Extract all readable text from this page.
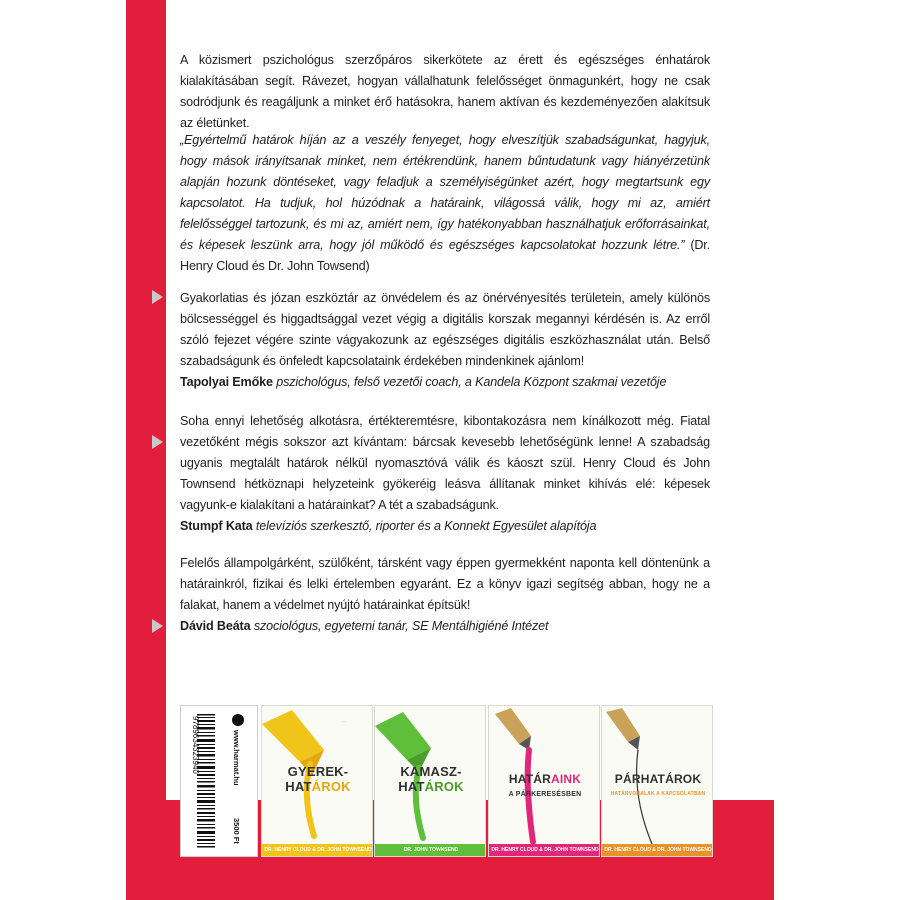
A közismert pszichológus szerzőpáros sikerkötete az érett és egészséges énhatárok kialakításában segít. Rávezet, hogyan vállalhatunk felelősséget önmagunkért, hogy ne csak sodródjunk és reagáljunk a minket érő hatásokra, hanem aktívan és kezdeményezően alakítsuk az életünket.

„Egyértelmű határok híján az a veszély fenyeget, hogy elveszítjük szabadságunkat, hagyjuk, hogy mások irányítsanak minket, nem értékrendünk, hanem bűntudatunk vagy hiányérzetünk alapján hozunk döntéseket, vagy feladjuk a személyiségünket azért, hogy megtartsunk egy kapcsolatot. Ha tudjuk, hol húzódnak a határaink, világossá válik, hogy mi az, amiért felelősséggel tartozunk, és mi az, amiért nem, így hatékonyabban használhatjuk erőforrásainkat, és képesek leszünk arra, hogy jól működő és egészséges kapcsolatokat hozzunk létre.” (Dr. Henry Cloud és Dr. John Towsend)

Gyakorlatias és józan eszköztár az önvédelem és az önérvényesítés területein, amely különös bölcsességgel és higgadtsággal vezet végig a digitális korszak megannyi kérdésén is. Az erről szóló fejezet végére szinte vágyakozunk az egészséges digitális eszközhasználat után. Belső szabadságunk és önfeledt kapcsolataink érdekében mindenkinek ajánlom!

Tapolyai Emőke pszichológus, felső vezetői coach, a Kandela Központ szakmai vezetője

Soha ennyi lehetőség alkotásra, értékteremtésre, kibontakozásra nem kínálkozott még. Fiatal vezetőként mégis sokszor azt kívántam: bárcsak kevesebb lehetőségünk lenne! A szabadság ugyanis megtalált határok nélkül nyomasztóvá válik és káoszt szül. Henry Cloud és John Townsend hétköznapi helyzeteink gyökeréig leásva állítanak minket kihívás elé: képesek vagyunk-e kialakítani a határainkat? A tét a szabadságunk.

Stumpf Kata televíziós szerkesztő, riporter és a Konnekt Egyesület alapítója

Felelős állampolgárként, szülőként, társként vagy éppen gyermekként naponta kell döntenünk a határainkról, fizikai és lelki értelemben egyaránt. Ez a könyv igazi segítség abban, hogy ne a falakat, hanem a védelmet nyújtó határainkat építsük!

Dávid Beáta szociológus, egyetemi tanár, SE Mentálhigiéné Intézet

9789634323940	www.harmat.hu
3500 Ft
···
GYEREK-
HATÁROK
DR. HENRY CLOUD & DR. JOHN TOWNSEND
KAMASZ-
HATÁROK
DR. JOHN TOWNSEND
HATÁRAINK
A PÁRKERESÉSBEN
DR. HENRY CLOUD & DR. JOHN TOWNSEND
PÁRHATÁROK
HATÁRVONALAK A KAPCSOLATBAN
DR. HENRY CLOUD & DR. JOHN TOWNSEND
